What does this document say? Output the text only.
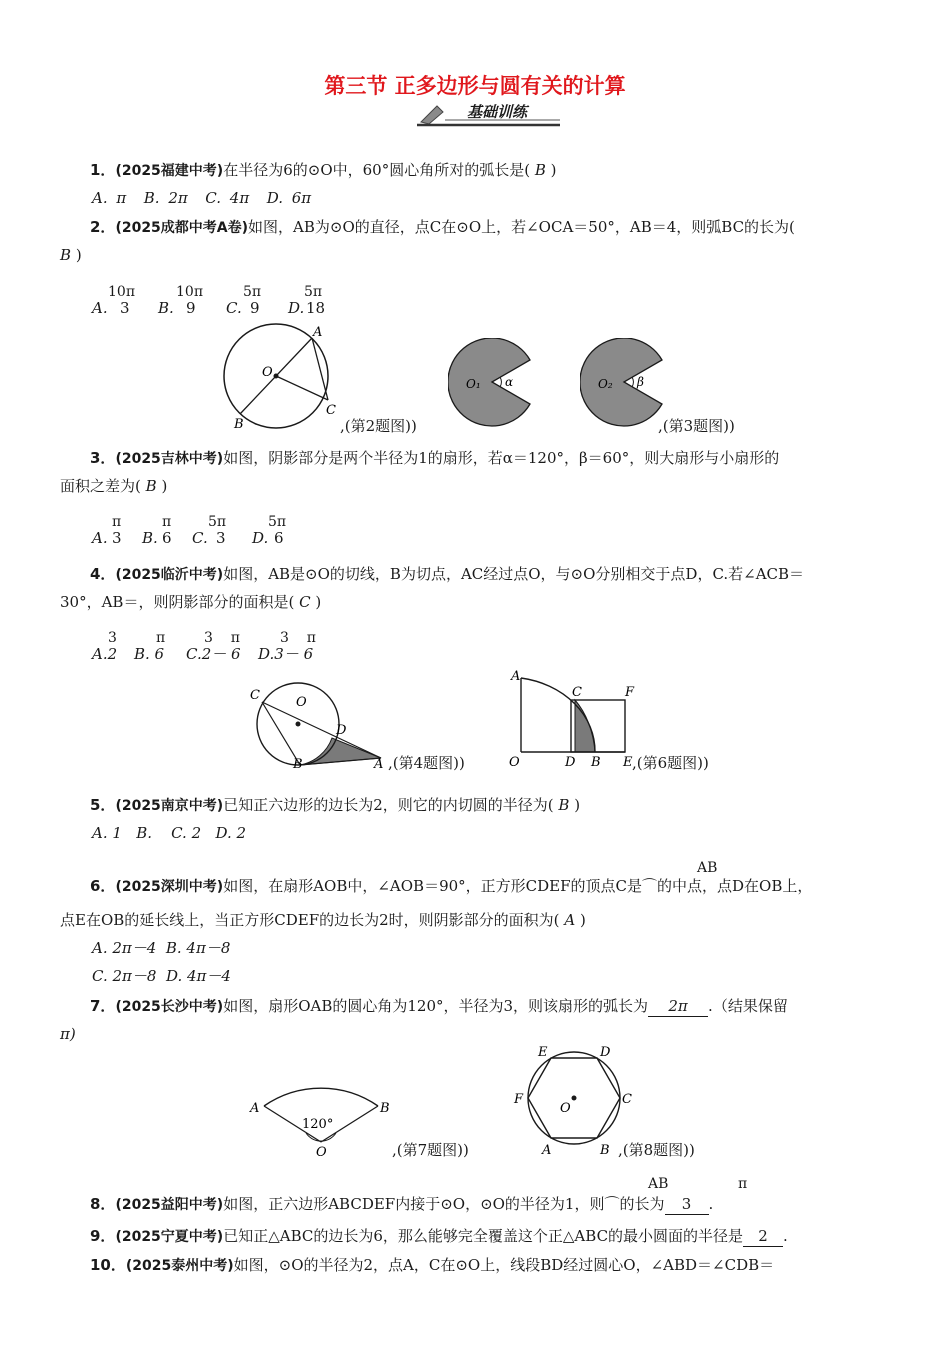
第三节 正多边形与圆有关的计算
基础训练
1．(2025福建中考)在半径为6的⊙O中，60°圆心角所对的弧长是( B )
A. π B. 2π C. 4π D. 6π
2．(2025成都中考A卷)如图，AB为⊙O的直径，点C在⊙O上，若∠OCA＝50°，AB＝4，则弧BC的长为(
B )
10π	10π	5π	5π
A. 3 B. 9 C. 9 D. 18
O
A
B
C
,(第2题图))
O₁ α	O₂ β
,(第3题图))
3．(2025吉林中考)如图，阴影部分是两个半径为1的扇形，若α＝120°，β＝60°，则大扇形与小扇形的
面积之差为( B )
π	π	5π	5π
A. 3 B. 6 C. 3 D. 6
4．(2025临沂中考)如图，AB是⊙O的切线，B为切点，AC经过点O，与⊙O分别相交于点D，C.若∠ACB＝
30°，AB＝，则阴影部分的面积是( C )
3	π	3    π	3    π
A.2 B. 6 C.2－ 6 D.3－ 6
C	O
D
B	A ,(第4题图))
A
C	F
O	D B E ,(第6题图))
5．(2025南京中考)已知正六边形的边长为2，则它的内切圆的半径为( B )
A. 1 B. C. 2 D. 2
AB
6．(2025深圳中考)如图，在扇形AOB中，∠AOB＝90°，正方形CDEF的顶点C是⌒的中点，点D在OB上，
点E在OB的延长线上，当正方形CDEF的边长为2时，则阴影部分的面积为( A )
A. 2π－4 B. 4π－8
C. 2π－8 D. 4π－4
7．(2025长沙中考)如图，扇形OAB的圆心角为120°，半径为3，则该扇形的弧长为 2π .（结果保留
π)
A	B
120°
O	,(第7题图))
E	D
F
O
C
A	B ,(第8题图))
AB	π
8．(2025益阳中考)如图，正六边形ABCDEF内接于⊙O，⊙O的半径为1，则⌒的长为 3 .
9．(2025宁夏中考)已知正△ABC的边长为6，那么能够完全覆盖这个正△ABC的最小圆面的半径是 2 .
10．(2025泰州中考)如图，⊙O的半径为2，点A，C在⊙O上，线段BD经过圆心O，∠ABD＝∠CDB＝
